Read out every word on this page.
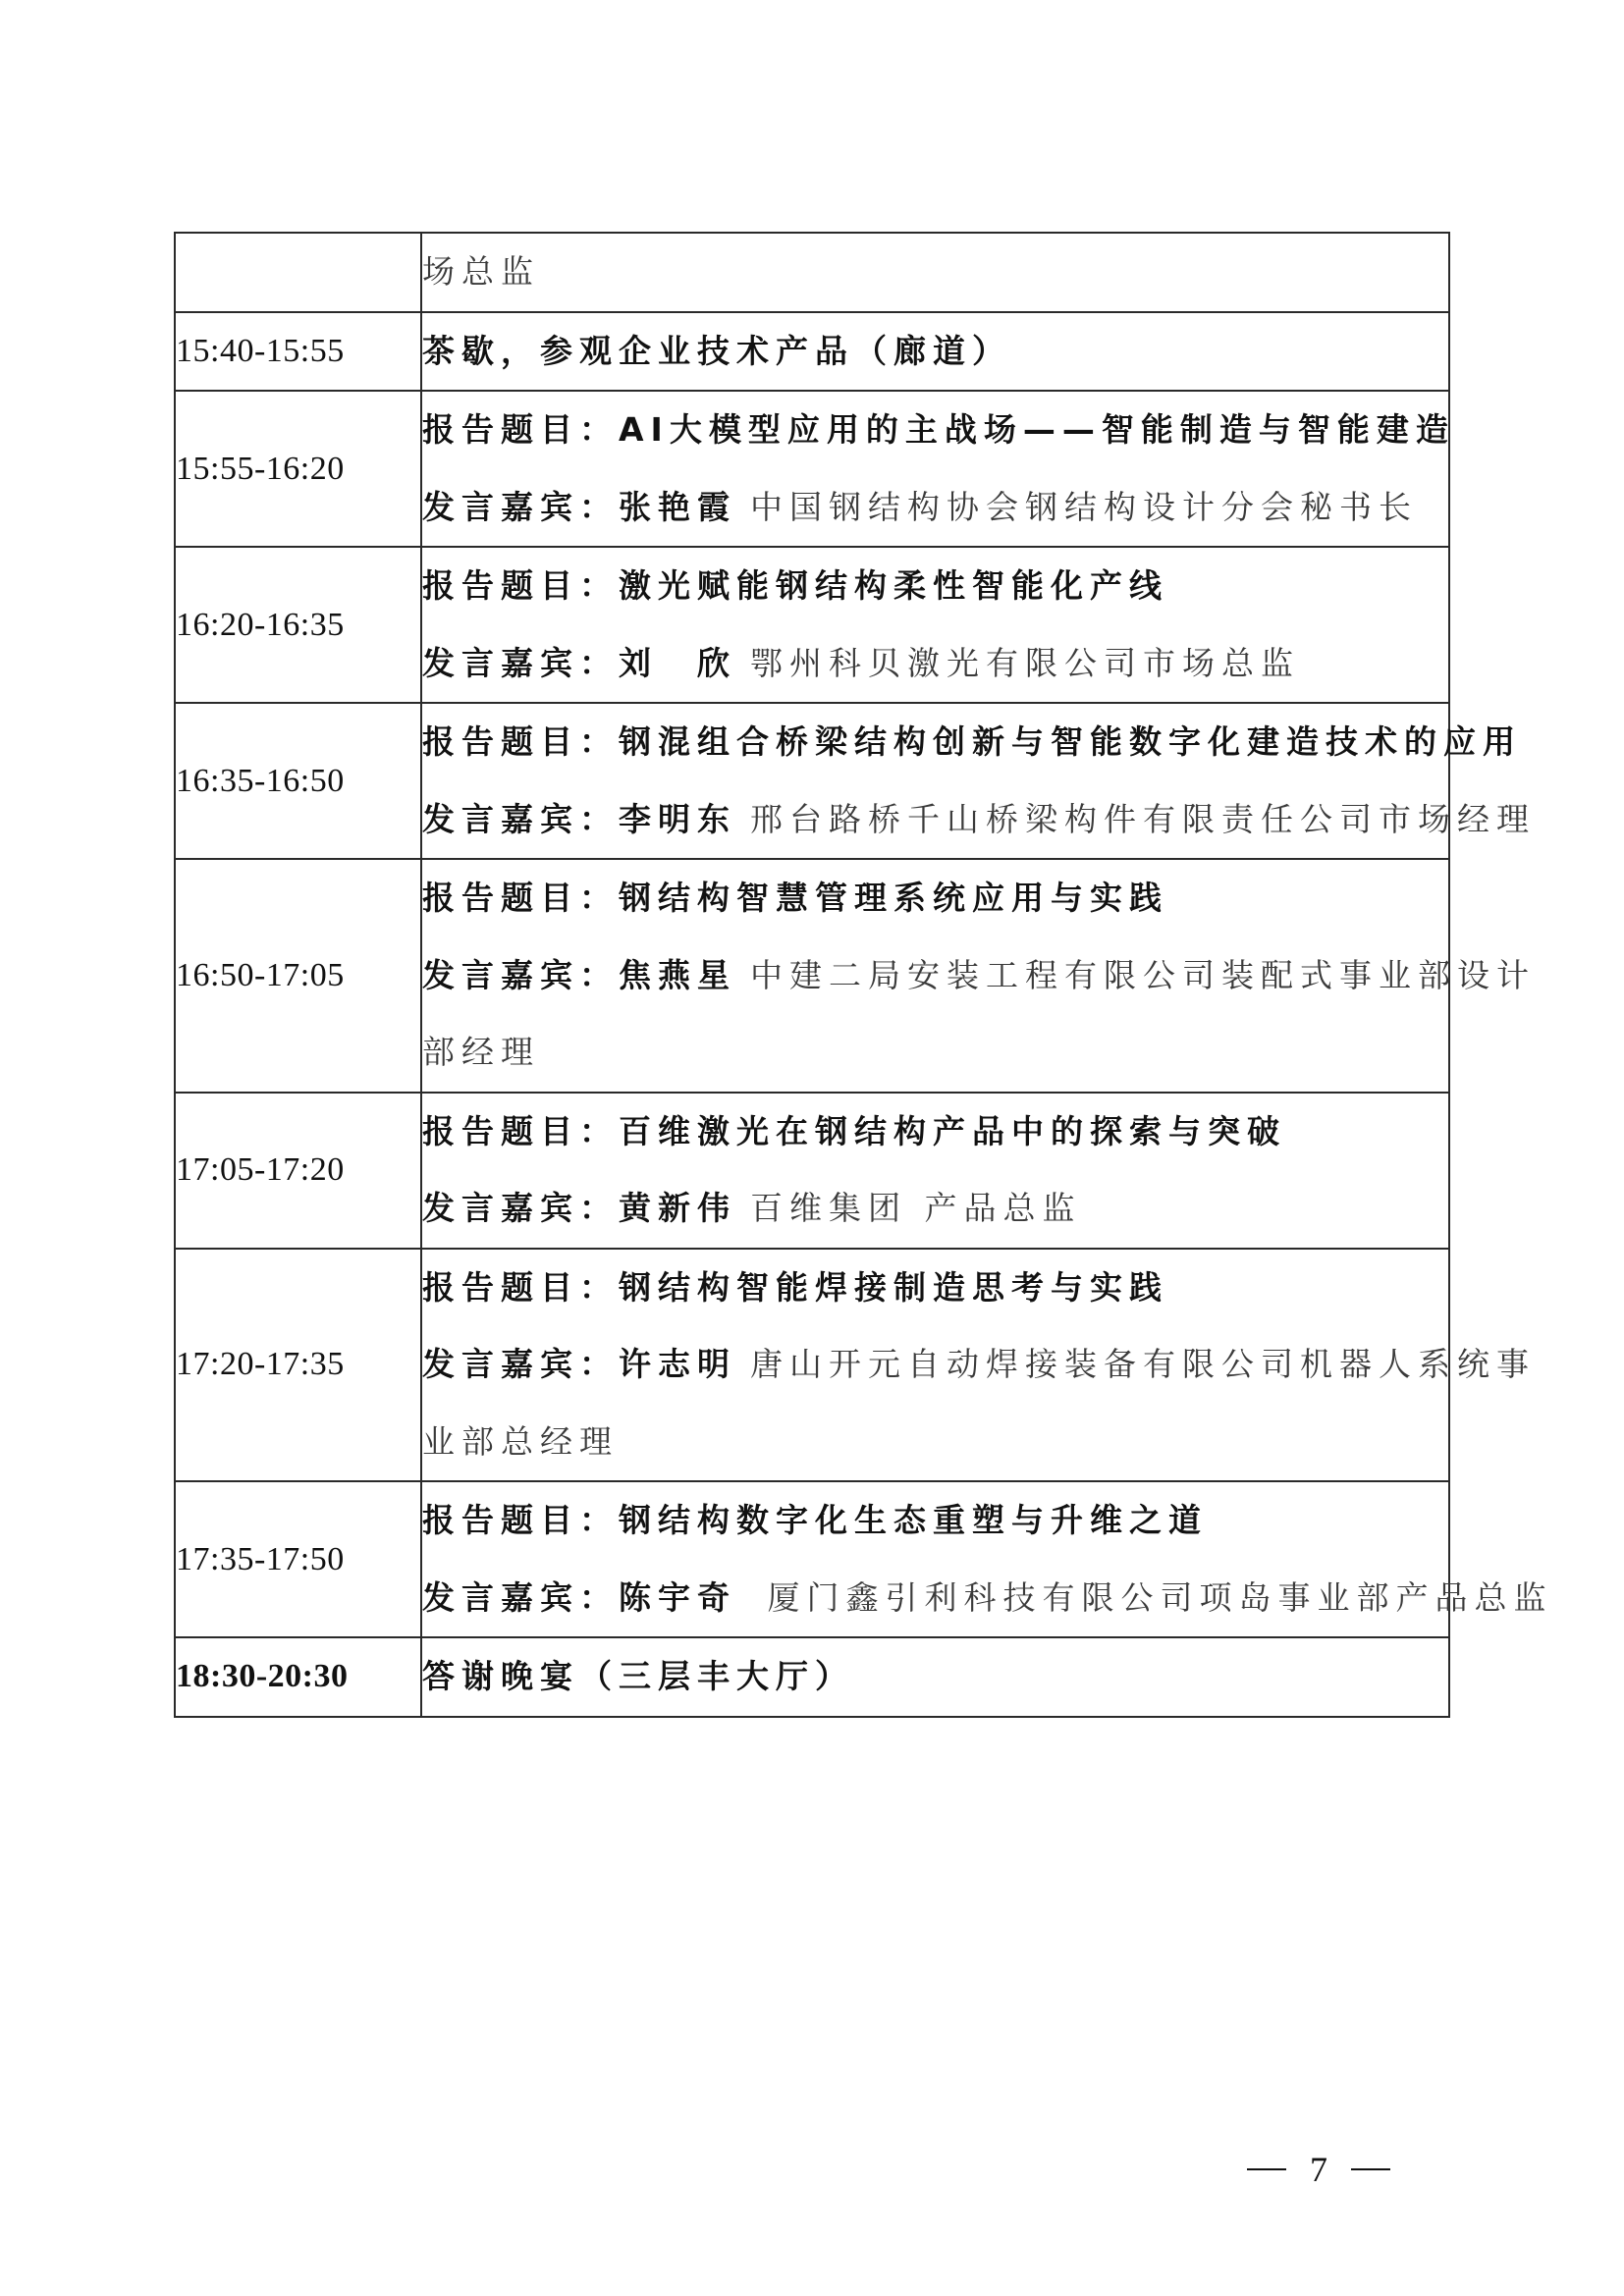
	场总监

15:40-15:55	茶歇，参观企业技术产品（廊道）

15:55-16:20	报告题目：AI大模型应用的主战场——智能制造与智能建造
发言嘉宾：张艳霞 中国钢结构协会钢结构设计分会秘书长

16:20-16:35	报告题目：激光赋能钢结构柔性智能化产线
发言嘉宾：刘　欣 鄂州科贝激光有限公司市场总监

16:35-16:50	报告题目：钢混组合桥梁结构创新与智能数字化建造技术的应用
发言嘉宾：李明东 邢台路桥千山桥梁构件有限责任公司市场经理

16:50-17:05	报告题目：钢结构智慧管理系统应用与实践
发言嘉宾：焦燕星 中建二局安装工程有限公司装配式事业部设计
部经理

17:05-17:20	报告题目：百维激光在钢结构产品中的探索与突破
发言嘉宾：黄新伟 百维集团 产品总监

17:20-17:35	报告题目：钢结构智能焊接制造思考与实践
发言嘉宾：许志明 唐山开元自动焊接装备有限公司机器人系统事
业部总经理

17:35-17:50	报告题目：钢结构数字化生态重塑与升维之道
发言嘉宾：陈宇奇 厦门鑫引利科技有限公司项岛事业部产品总监

18:30-20:30	答谢晚宴（三层丰大厅）
7
